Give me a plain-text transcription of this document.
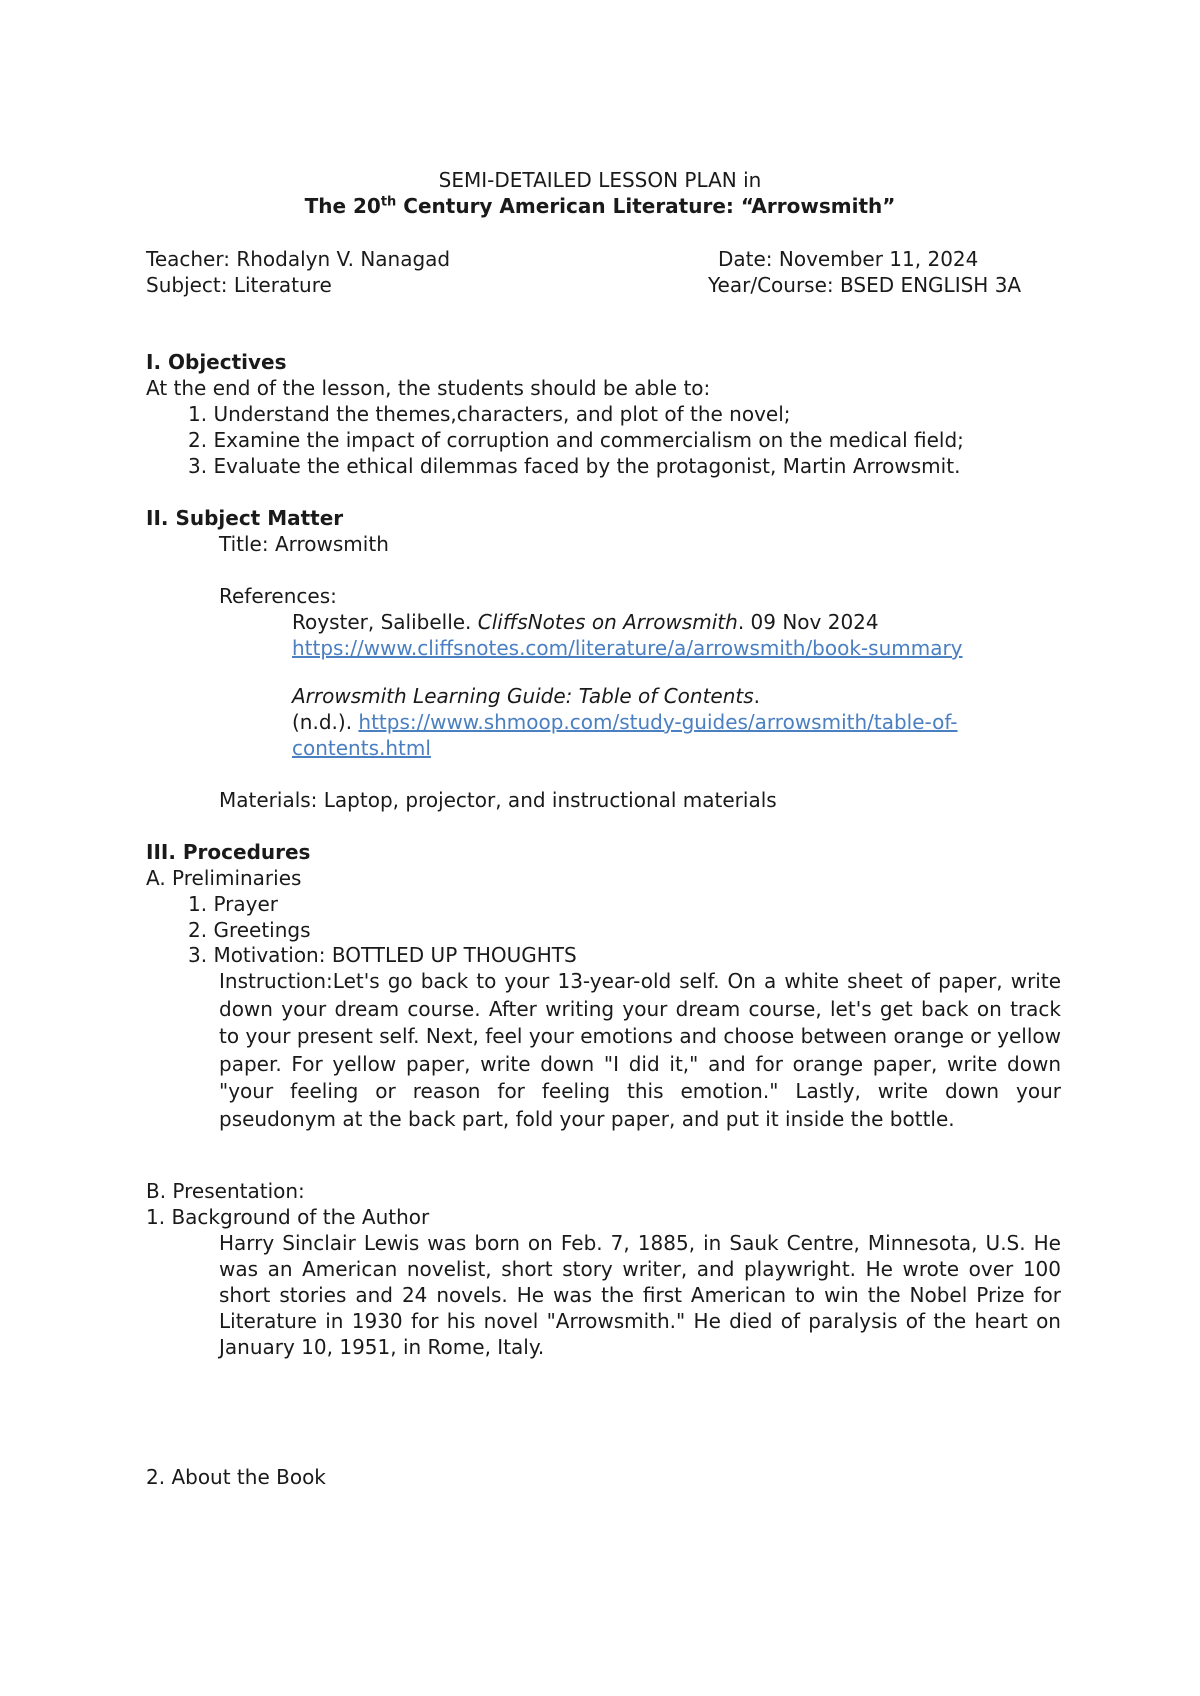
SEMI-DETAILED LESSON PLAN in
The 20th Century American Literature: “Arrowsmith”
Teacher: Rhodalyn V. Nanagad	Date: November 11, 2024
Subject: Literature	Year/Course: BSED ENGLISH 3A
I. Objectives
At the end of the lesson, the students should be able to:
1. Understand the themes,characters, and plot of the novel;
2. Examine the impact of corruption and commercialism on the medical field;
3. Evaluate the ethical dilemmas faced by the protagonist, Martin Arrowsmit.
II. Subject Matter
Title: Arrowsmith
References:
Royster, Salibelle. CliffsNotes on Arrowsmith. 09 Nov 2024
https://www.cliffsnotes.com/literature/a/arrowsmith/book-summary
Arrowsmith Learning Guide: Table of Contents.
(n.d.). https://www.shmoop.com/study-guides/arrowsmith/table-of-
contents.html
Materials: Laptop, projector, and instructional materials
III. Procedures
A. Preliminaries
1. Prayer
2. Greetings
3. Motivation: BOTTLED UP THOUGHTS
Instruction:Let's go back to your 13-year-old self. On a white sheet of paper, write down your dream course. After writing your dream course, let's get back on track to your present self. Next, feel your emotions and choose between orange or yellow paper. For yellow paper, write down "I did it," and for orange paper, write down "your feeling or reason for feeling this emotion." Lastly, write down your pseudonym at the back part, fold your paper, and put it inside the bottle.
B. Presentation:
1. Background of the Author
Harry Sinclair Lewis was born on Feb. 7, 1885, in Sauk Centre, Minnesota, U.S. He was an American novelist, short story writer, and playwright. He wrote over 100 short stories and 24 novels. He was the first American to win the Nobel Prize for Literature in 1930 for his novel "Arrowsmith." He died of paralysis of the heart on January 10, 1951, in Rome, Italy.
2. About the Book
